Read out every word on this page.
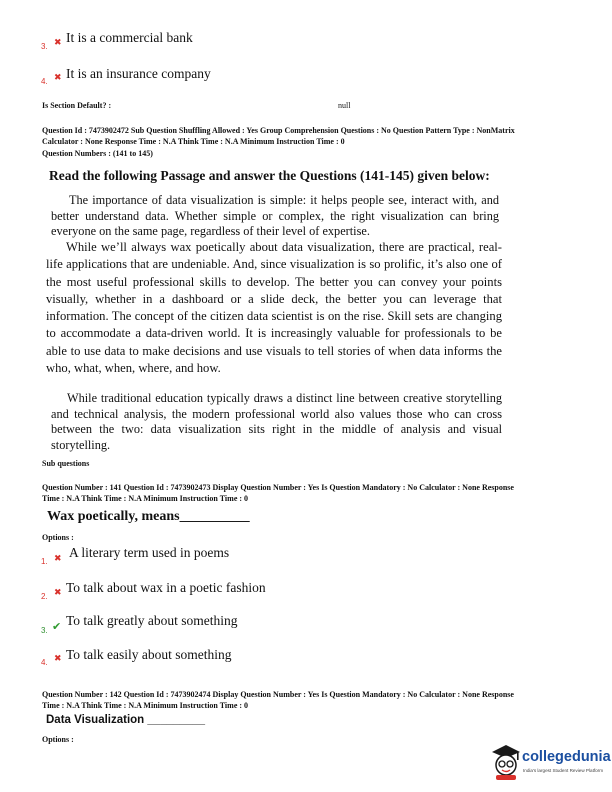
3. ✖ It is a commercial bank
4. ✖ It is an insurance company
Is Section Default? :	null
Question Id : 7473902472 Sub Question Shuffling Allowed : Yes Group Comprehension Questions : No Question Pattern Type : NonMatrix
Calculator : None Response Time : N.A Think Time : N.A Minimum Instruction Time : 0
Question Numbers : (141 to 145)
Read the following Passage and answer the Questions (141-145) given below:
The importance of data visualization is simple: it helps people see, interact with, and better understand data. Whether simple or complex, the right visualization can bring everyone on the same page, regardless of their level of expertise.
While we’ll always wax poetically about data visualization, there are practical, real-life applications that are undeniable. And, since visualization is so prolific, it’s also one of the most useful professional skills to develop. The better you can convey your points visually, whether in a dashboard or a slide deck, the better you can leverage that information. The concept of the citizen data scientist is on the rise. Skill sets are changing to accommodate a data-driven world. It is increasingly valuable for professionals to be able to use data to make decisions and use visuals to tell stories of when data informs the who, what, when, where, and how.
While traditional education typically draws a distinct line between creative storytelling and technical analysis, the modern professional world also values those who can cross between the two: data visualization sits right in the middle of analysis and visual storytelling.
Sub questions
Question Number : 141 Question Id : 7473902473 Display Question Number : Yes Is Question Mandatory : No Calculator : None Response
Time : N.A Think Time : N.A Minimum Instruction Time : 0
Wax poetically, means__________
Options :
1. ✖ A literary term used in poems
2. ✖ To talk about wax in a poetic fashion
3. ✔ To talk greatly about something
4. ✖ To talk easily about something
Question Number : 142 Question Id : 7473902474 Display Question Number : Yes Is Question Mandatory : No Calculator : None Response
Time : N.A Think Time : N.A Minimum Instruction Time : 0
Data Visualization _________
Options :
collegedunia
India's largest Student Review Platform
